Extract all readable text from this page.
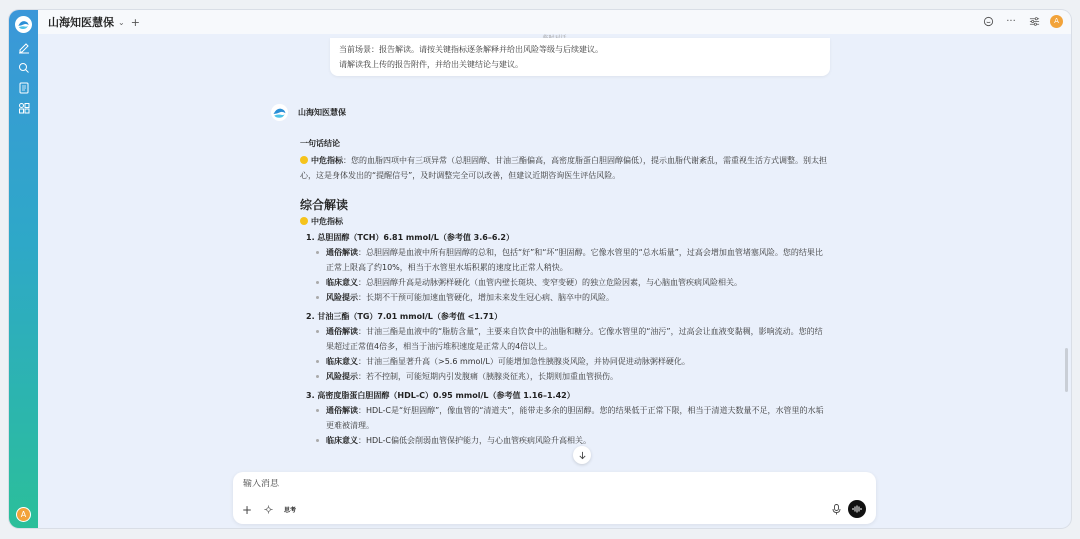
A
山海知医慧保 ⌄ +	···	A
当前场景：报告解读。请按关键指标逐条解释并给出风险等级与后续建议。
请解读我上传的报告附件，并给出关键结论与建议。
山海知医慧保
一句话结论
中危指标：您的血脂四项中有三项异常（总胆固醇、甘油三酯偏高，高密度脂蛋白胆固醇偏低），提示血脂代谢紊乱，需重视生活方式调整。别太担心，这是身体发出的“提醒信号”，及时调整完全可以改善，但建议近期咨询医生评估风险。
综合解读
中危指标
1. 总胆固醇（TCH）6.81 mmol/L（参考值 3.6–6.2）
通俗解读：总胆固醇是血液中所有胆固醇的总和，包括“好”和“坏”胆固醇。它像水管里的“总水垢量”，过高会增加血管堵塞风险。您的结果比正常上限高了约10%，相当于水管里水垢积累的速度比正常人稍快。
临床意义：总胆固醇升高是动脉粥样硬化（血管内壁长斑块、变窄变硬）的独立危险因素，与心脑血管疾病风险相关。
风险提示：长期不干预可能加速血管硬化，增加未来发生冠心病、脑卒中的风险。
2. 甘油三酯（TG）7.01 mmol/L（参考值 <1.71）
通俗解读：甘油三酯是血液中的“脂肪含量”，主要来自饮食中的油脂和糖分。它像水管里的“油污”，过高会让血液变黏稠，影响流动。您的结果超过正常值4倍多，相当于油污堆积速度是正常人的4倍以上。
临床意义：甘油三酯显著升高（>5.6 mmol/L）可能增加急性胰腺炎风险，并协同促进动脉粥样硬化。
风险提示：若不控制，可能短期内引发腹痛（胰腺炎征兆），长期则加重血管损伤。
3. 高密度脂蛋白胆固醇（HDL-C）0.95 mmol/L（参考值 1.16–1.42）
通俗解读：HDL-C是“好胆固醇”，像血管的“清道夫”，能带走多余的胆固醇。您的结果低于正常下限，相当于清道夫数量不足，水管里的水垢更难被清理。
临床意义：HDL-C偏低会削弱血管保护能力，与心血管疾病风险升高相关。
输入消息
+	思考
